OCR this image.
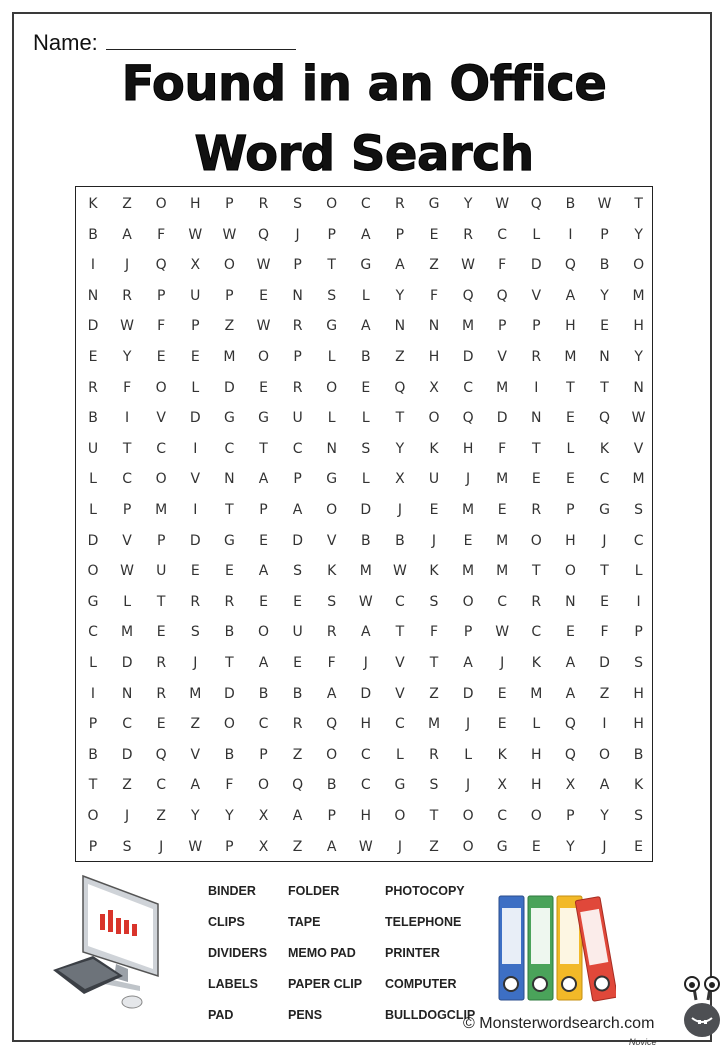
Name:
Found in an Office
Word Search
K	Z	O	H	P	R	S	O	C	R	G	Y	W	Q	B	W	T
B	A	F	W	W	Q	J	P	A	P	E	R	C	L	I	P	Y
I	J	Q	X	O	W	P	T	G	A	Z	W	F	D	Q	B	O
N	R	P	U	P	E	N	S	L	Y	F	Q	Q	V	A	Y	M
D	W	F	P	Z	W	R	G	A	N	N	M	P	P	H	E	H
E	Y	E	E	M	O	P	L	B	Z	H	D	V	R	M	N	Y
R	F	O	L	D	E	R	O	E	Q	X	C	M	I	T	T	N
B	I	V	D	G	G	U	L	L	T	O	Q	D	N	E	Q	W
U	T	C	I	C	T	C	N	S	Y	K	H	F	T	L	K	V
L	C	O	V	N	A	P	G	L	X	U	J	M	E	E	C	M
L	P	M	I	T	P	A	O	D	J	E	M	E	R	P	G	S
D	V	P	D	G	E	D	V	B	B	J	E	M	O	H	J	C
O	W	U	E	E	A	S	K	M	W	K	M	M	T	O	T	L
G	L	T	R	R	E	E	S	W	C	S	O	C	R	N	E	I
C	M	E	S	B	O	U	R	A	T	F	P	W	C	E	F	P
L	D	R	J	T	A	E	F	J	V	T	A	J	K	A	D	S
I	N	R	M	D	B	B	A	D	V	Z	D	E	M	A	Z	H
P	C	E	Z	O	C	R	Q	H	C	M	J	E	L	Q	I	H
B	D	Q	V	B	P	Z	O	C	L	R	L	K	H	Q	O	B
T	Z	C	A	F	O	Q	B	C	G	S	J	X	H	X	A	K
O	J	Z	Y	Y	X	A	P	H	O	T	O	C	O	P	Y	S
P	S	J	W	P	X	Z	A	W	J	Z	O	G	E	Y	J	E
BINDER
CLIPS
DIVIDERS
LABELS
PAD
FOLDER
TAPE
MEMO PAD
PAPER CLIP
PENS
PHOTOCOPY
TELEPHONE
PRINTER
COMPUTER
BULLDOGCLIP
© Monsterwordsearch.com
Novice
